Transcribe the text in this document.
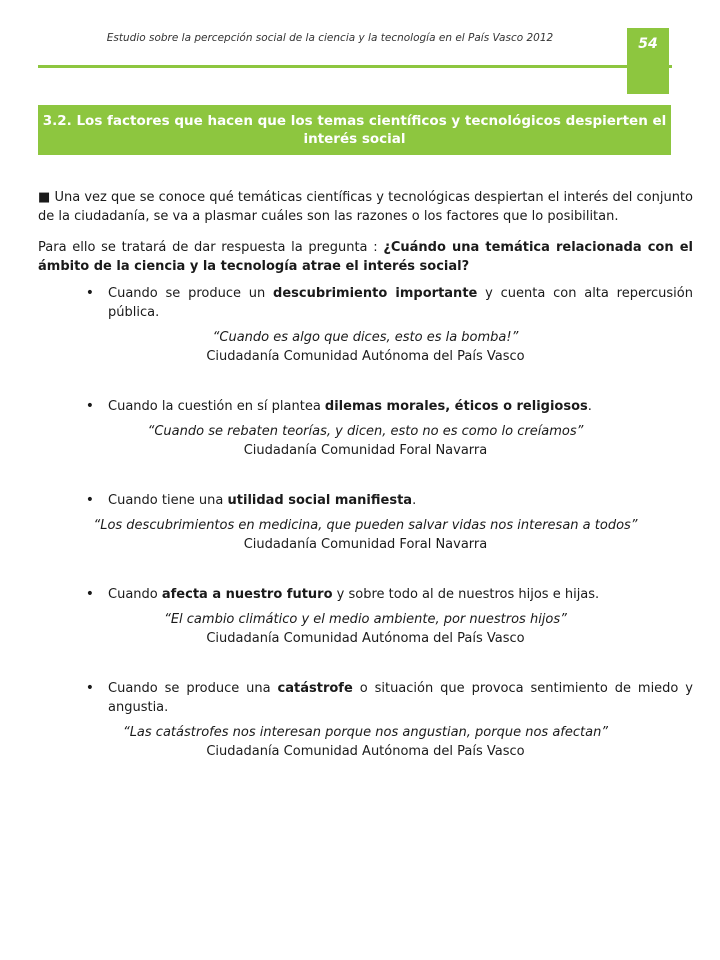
Estudio sobre la percepción social de la ciencia y la tecnología en el País Vasco 2012	54
3.2. Los factores que hacen que los temas científicos y tecnológicos despierten el interés social

■ Una vez que se conoce qué temáticas científicas y tecnológicas despiertan el interés del conjunto de la ciudadanía, se va a plasmar cuáles son las razones o los factores que lo posibilitan.

Para ello se tratará de dar respuesta la pregunta : ¿Cuándo una temática relacionada con el ámbito de la ciencia y la tecnología atrae el interés social?

•	Cuando se produce un descubrimiento importante y cuenta con alta repercusión pública.
“Cuando es algo que dices, esto es la bomba!”
Ciudadanía Comunidad Autónoma del País Vasco
•	Cuando la cuestión en sí plantea dilemas morales, éticos o religiosos.
“Cuando se rebaten teorías, y dicen, esto no es como lo creíamos”
Ciudadanía Comunidad Foral Navarra
•	Cuando tiene una utilidad social manifiesta.
“Los descubrimientos en medicina, que pueden salvar vidas nos interesan a todos”
Ciudadanía Comunidad Foral Navarra
•	Cuando afecta a nuestro futuro y sobre todo al de nuestros hijos e hijas.
“El cambio climático y el medio ambiente, por nuestros hijos”
Ciudadanía Comunidad Autónoma del País Vasco
•	Cuando se produce una catástrofe o situación que provoca sentimiento de miedo y angustia.
“Las catástrofes nos interesan porque nos angustian, porque nos afectan”
Ciudadanía Comunidad Autónoma del País Vasco
